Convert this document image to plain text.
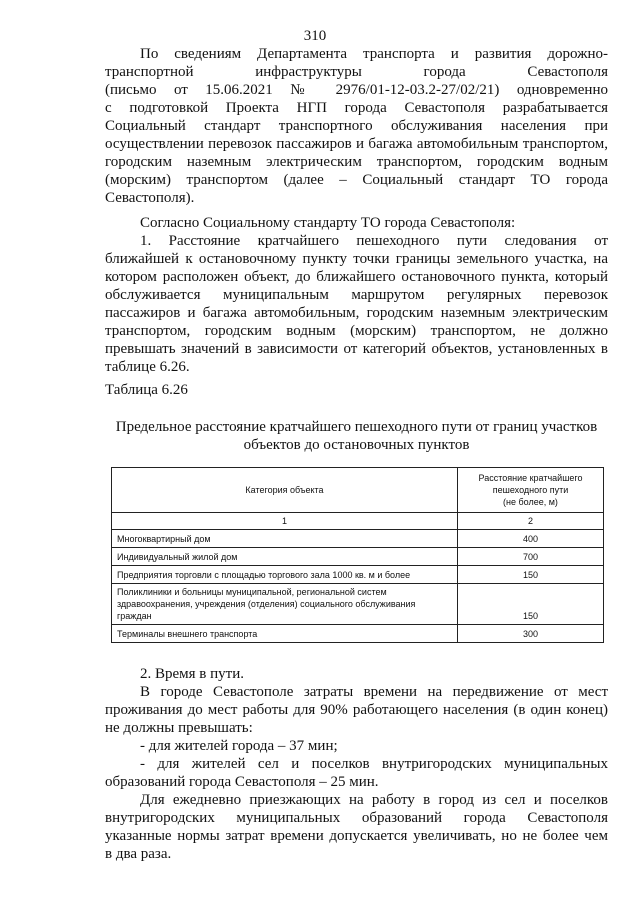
310

По сведениям Департамента транспорта и развития дорожно-
транспортной инфраструктуры города Севастополя
(письмо от 15.06.2021 № 2976/01-12-03.2-27/02/21) одновременно
с подготовкой Проекта НГП города Севастополя разрабатывается
Социальный стандарт транспортного обслуживания населения при
осуществлении перевозок пассажиров и багажа автомобильным транспортом,
городским наземным электрическим транспортом, городским водным
(морским) транспортом (далее – Социальный стандарт ТО города
Севастополя).

Согласно Социальному стандарту ТО города Севастополя:

1. Расстояние кратчайшего пешеходного пути следования от
ближайшей к остановочному пункту точки границы земельного участка, на
котором расположен объект, до ближайшего остановочного пункта, который
обслуживается муниципальным маршрутом регулярных перевозок
пассажиров и багажа автомобильным, городским наземным электрическим
транспортом, городским водным (морским) транспортом, не должно
превышать значений в зависимости от категорий объектов, установленных в
таблице 6.26.

Таблица 6.26
Предельное расстояние кратчайшего пешеходного пути от границ участков
объектов до остановочных пунктов
Категория объекта	Расстояние кратчайшего
пешеходного пути
(не более, м)

1	2
Многоквартирный дом	400
Индивидуальный жилой дом	700
Предприятия торговли с площадью торгового зала 1000 кв. м и более	150

Поликлиники и больницы муниципальной, региональной систем
здравоохранения, учреждения (отделения) социального обслуживания
граждан	150
Терминалы внешнего транспорта	300

2. Время в пути.

В городе Севастополе затраты времени на передвижение от мест
проживания до мест работы для 90% работающего населения (в один конец)
не должны превышать:

- для жителей города – 37 мин;

- для жителей сел и поселков внутригородских муниципальных
образований города Севастополя – 25 мин.

Для ежедневно приезжающих на работу в город из сел и поселков
внутригородских муниципальных образований города Севастополя
указанные нормы затрат времени допускается увеличивать, но не более чем
в два раза.
